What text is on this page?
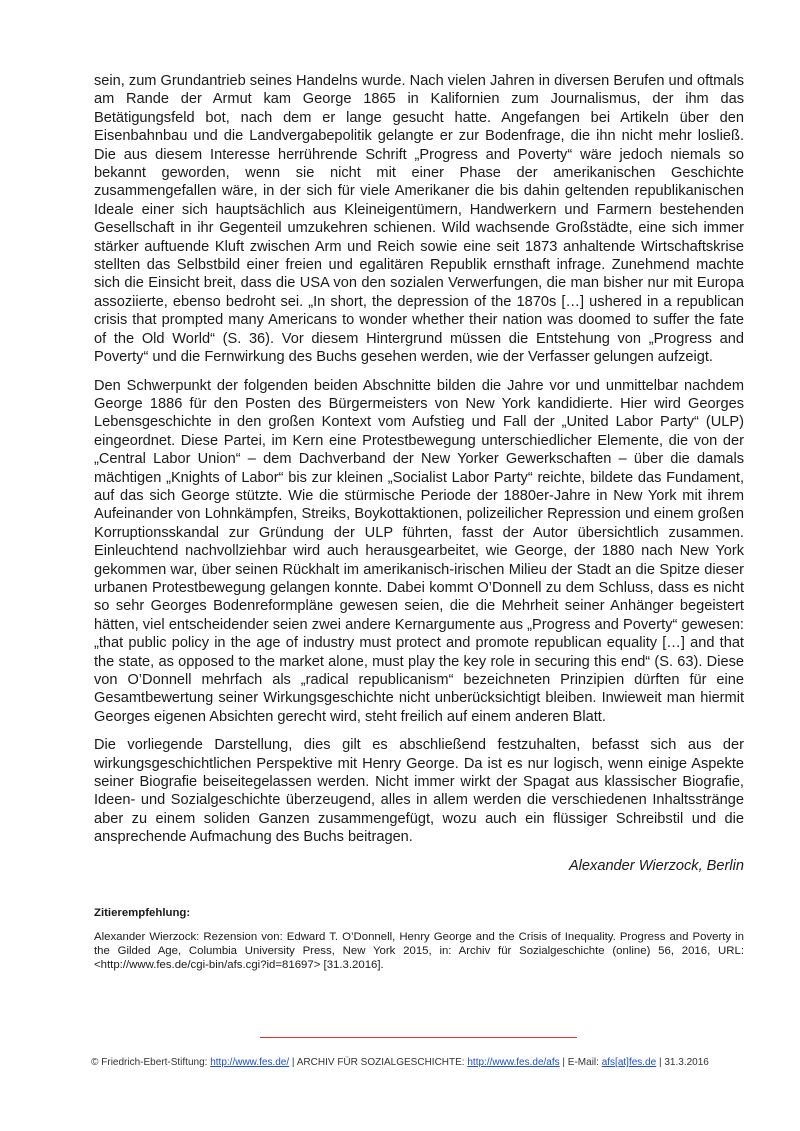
sein, zum Grundantrieb seines Handelns wurde. Nach vielen Jahren in diversen Berufen und oftmals am Rande der Armut kam George 1865 in Kalifornien zum Journalismus, der ihm das Betätigungsfeld bot, nach dem er lange gesucht hatte. Angefangen bei Artikeln über den Eisenbahnbau und die Landvergabepolitik gelangte er zur Bodenfrage, die ihn nicht mehr losließ. Die aus diesem Interesse herrührende Schrift „Progress and Poverty“ wäre jedoch niemals so bekannt geworden, wenn sie nicht mit einer Phase der amerikanischen Geschichte zusammengefallen wäre, in der sich für viele Amerikaner die bis dahin geltenden republikanischen Ideale einer sich hauptsächlich aus Kleineigentümern, Handwerkern und Farmern bestehenden Gesellschaft in ihr Gegenteil umzukehren schienen. Wild wachsende Großstädte, eine sich immer stärker auftuende Kluft zwischen Arm und Reich sowie eine seit 1873 anhaltende Wirtschaftskrise stellten das Selbstbild einer freien und egalitären Republik ernsthaft infrage. Zunehmend machte sich die Einsicht breit, dass die USA von den sozialen Verwerfungen, die man bisher nur mit Europa assoziierte, ebenso bedroht sei. „In short, the depression of the 1870s […] ushered in a republican crisis that prompted many Americans to wonder whether their nation was doomed to suffer the fate of the Old World“ (S. 36). Vor diesem Hintergrund müssen die Entstehung von „Progress and Poverty“ und die Fernwirkung des Buchs gesehen werden, wie der Verfasser gelungen aufzeigt.

Den Schwerpunkt der folgenden beiden Abschnitte bilden die Jahre vor und unmittelbar nachdem George 1886 für den Posten des Bürgermeisters von New York kandidierte. Hier wird Georges Lebensgeschichte in den großen Kontext vom Aufstieg und Fall der „United Labor Party“ (ULP) eingeordnet. Diese Partei, im Kern eine Protestbewegung unterschiedlicher Elemente, die von der „Central Labor Union“ – dem Dachverband der New Yorker Gewerkschaften – über die damals mächtigen „Knights of Labor“ bis zur kleinen „Socialist Labor Party“ reichte, bildete das Fundament, auf das sich George stützte. Wie die stürmische Periode der 1880er-Jahre in New York mit ihrem Aufeinander von Lohnkämpfen, Streiks, Boykottaktionen, polizeilicher Repression und einem großen Korruptionsskandal zur Gründung der ULP führten, fasst der Autor übersichtlich zusammen. Einleuchtend nachvollziehbar wird auch herausgearbeitet, wie George, der 1880 nach New York gekommen war, über seinen Rückhalt im amerikanisch-irischen Milieu der Stadt an die Spitze dieser urbanen Protestbewegung gelangen konnte. Dabei kommt O’Donnell zu dem Schluss, dass es nicht so sehr Georges Bodenreformpläne gewesen seien, die die Mehrheit seiner Anhänger begeistert hätten, viel entscheidender seien zwei andere Kernargumente aus „Progress and Poverty“ gewesen: „that public policy in the age of industry must protect and promote republican equality […] and that the state, as opposed to the market alone, must play the key role in securing this end“ (S. 63). Diese von O’Donnell mehrfach als „radical republicanism“ bezeichneten Prinzipien dürften für eine Gesamtbewertung seiner Wirkungsgeschichte nicht unberücksichtigt bleiben. Inwieweit man hiermit Georges eigenen Absichten gerecht wird, steht freilich auf einem anderen Blatt.

Die vorliegende Darstellung, dies gilt es abschließend festzuhalten, befasst sich aus der wirkungsgeschichtlichen Perspektive mit Henry George. Da ist es nur logisch, wenn einige Aspekte seiner Biografie beiseitegelassen werden. Nicht immer wirkt der Spagat aus klassischer Biografie, Ideen- und Sozialgeschichte überzeugend, alles in allem werden die verschiedenen Inhaltsstränge aber zu einem soliden Ganzen zusammengefügt, wozu auch ein flüssiger Schreibstil und die ansprechende Aufmachung des Buchs beitragen.

Alexander Wierzock, Berlin
Zitierempfehlung:
Alexander Wierzock: Rezension von: Edward T. O’Donnell, Henry George and the Crisis of Inequality. Progress and Poverty in the Gilded Age, Columbia University Press, New York 2015, in: Archiv für Sozialgeschichte (online) 56, 2016, URL: <http://www.fes.de/cgi-bin/afs.cgi?id=81697> [31.3.2016].
© Friedrich-Ebert-Stiftung: http://www.fes.de/ | ARCHIV FÜR SOZIALGESCHICHTE: http://www.fes.de/afs | E-Mail: afs[at]fes.de | 31.3.2016
